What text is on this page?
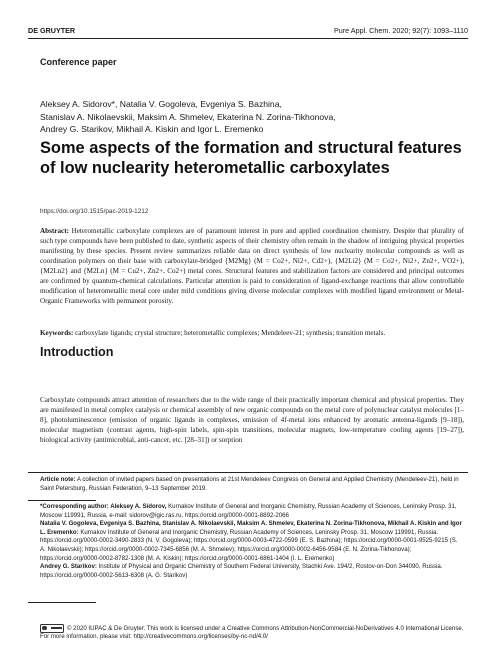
DE GRUYTER	Pure Appl. Chem. 2020; 92(7): 1093–1110
Conference paper
Aleksey A. Sidorov*, Natalia V. Gogoleva, Evgeniya S. Bazhina,
Stanislav A. Nikolaevskii, Maksim A. Shmelev, Ekaterina N. Zorina-Tikhonova,
Andrey G. Starikov, Mikhail A. Kiskin and Igor L. Eremenko
Some aspects of the formation and structural features of low nuclearity heterometallic carboxylates
https://doi.org/10.1515/pac-2019-1212
Abstract: Heterometallic carboxylate complexes are of paramount interest in pure and applied coordination chemistry. Despite that plurality of such type compounds have been published to date, synthetic aspects of their chemistry often remain in the shadow of intriguing physical properties manifesting by these species. Present review summarizes reliable data on direct synthesis of low nuclearity molecular compounds as well as coordination polymers on their base with carboxylate-bridged {M2Mg} (M = Co2+, Ni2+, Cd2+), {M2Li2} (M = Co2+, Ni2+, Zn2+, VO2+), {M2Ln2} and {M2Ln} (M = Cu2+, Zn2+, Co2+) metal cores. Structural features and stabilization factors are considered and principal outcomes are confirmed by quantum-chemical calculations. Particular attention is paid to consideration of ligand-exchange reactions that allow controllable modification of heterometallic metal core under mild conditions giving diverse molecular complexes with modified ligand environment or Metal-Organic Frameworks with permanent porosity.
Keywords: carboxylate ligands; crystal structure; heterometallic complexes; Mendeleev-21; synthesis; transition metals.
Introduction
Carboxylate compounds attract attention of researchers due to the wide range of their practically important chemical and physical properties. They are manifested in metal complex catalysis or chemical assembly of new organic compounds on the metal core of polynuclear catalyst molecules [1–8], photoluminescence (emission of organic ligands in complexes, emission of 4f-metal ions enhanced by aromatic antenna-ligands [9–18]), molecular magnetism (contrast agents, high-spin labels, spin-spin transitions, molecular magnets, low-temperature cooling agents [19–27]), biological activity (antimicrobial, anti-cancer, etc. [28–31]) or sorption
Article note: A collection of invited papers based on presentations at 21st Mendeleev Congress on General and Applied Chemistry (Mendeleev-21), held in Saint Petersburg, Russian Federation, 9–13 September 2019.
*Corresponding author: Aleksey A. Sidorov, Kurnakov Institute of General and Inorganic Chemistry, Russian Academy of Sciences, Leninsky Prosp. 31, Moscow 119991, Russia, e-mail: sidorov@igic.ras.ru. https://orcid.org/0000-0001-8892-2066
Natalia V. Gogoleva, Evgeniya S. Bazhina, Stanislav A. Nikolaevskii, Maksim A. Shmelev, Ekaterina N. Zorina-Tikhonova, Mikhail A. Kiskin and Igor L. Eremenko: Kurnakov Institute of General and Inorganic Chemistry, Russian Academy of Sciences, Leninsky Prosp. 31, Moscow 119991, Russia. https://orcid.org/0000-0002-3490-2833 (N. V. Gogoleva); https://orcid.org/0000-0003-4722-0599 (E. S. Bazhina); https://orcid.org/0000-0001-9525-9215 (S. A. Nikolaevskii); https://orcid.org/0000-0002-7345-6856 (M. A. Shmelev); https://orcid.org/0000-0002-6456-9584 (E. N. Zorina-Tikhonova); https://orcid.org/0000-0002-8782-1308 (M. A. Kiskin); https://orcid.org/0000-0001-6861-1404 (I. L. Eremenko)
Andrey G. Starikov: Institute of Physical and Organic Chemistry of Southern Federal University, Stachki Ave. 194/2, Rostov-on-Don 344090, Russia. https://orcid.org/0000-0002-5613-6308 (A. G. Starikov)
© 2020 IUPAC & De Gruyter. This work is licensed under a Creative Commons Attribution-NonCommercial-NoDerivatives 4.0 International License. For more information, please visit: http://creativecommons.org/licenses/by-nc-nd/4.0/
